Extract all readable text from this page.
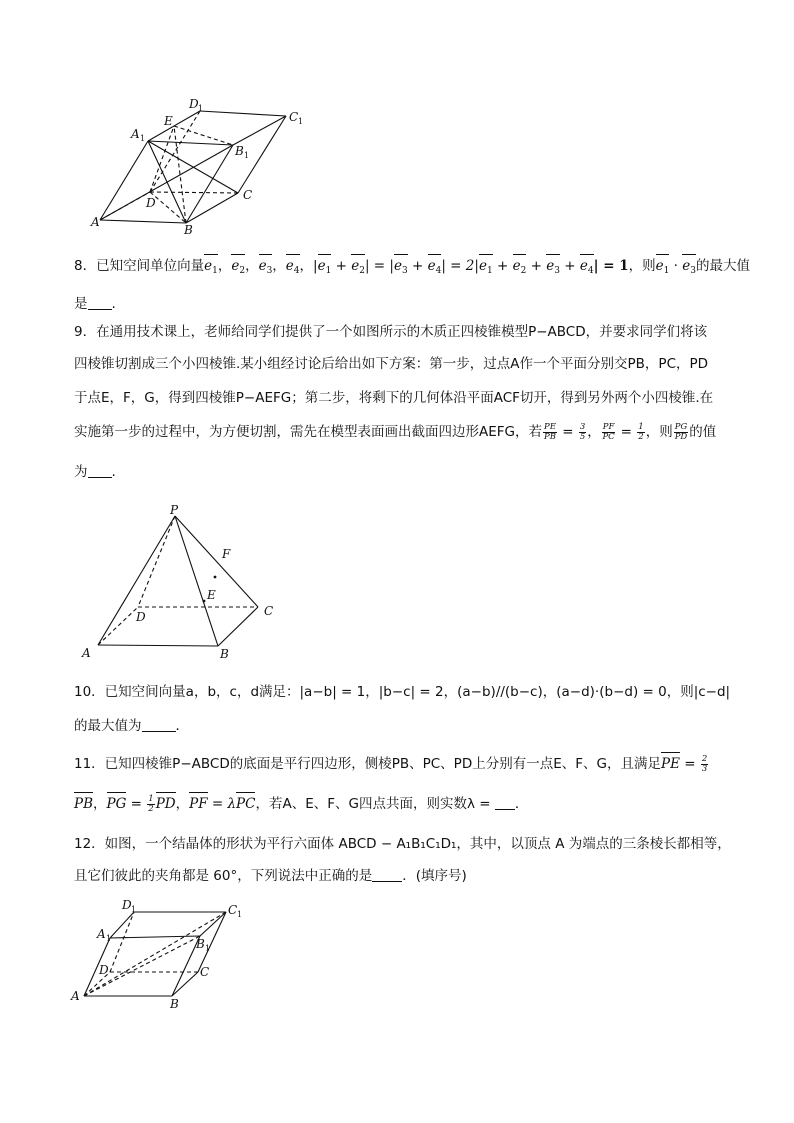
D 1
C 1
A 1
E
B 1
D
C
A
B
8．已知空间单位向量$e_1$，$e_2$，$e_3$，$e_4$，$|e_1 + e_2| = |e_3 + e_4| = 2|e_1 + e_2 + e_3 + e_4| = 1$，则$e_1 \cdot e_3$的最大值
是 .
9．在通用技术课上，老师给同学们提供了一个如图所示的木质正四棱锥模型P−ABCD，并要求同学们将该
四棱锥切割成三个小四棱锥.某小组经讨论后给出如下方案：第一步，过点A作一个平面分别交PB，PC，PD
于点E，F，G，得到四棱锥P−AEFG；第二步，将剩下的几何体沿平面ACF切开，得到另外两个小四棱锥.在
实施第一步的过程中，为方便切割，需先在模型表面画出截面四边形AEFG，若 $\frac{PE}{PB} = \frac{3}{5}$ ， $\frac{PF}{PC} = \frac{1}{2}$ ，则 $\frac{PG}{PD}$ 的值
为 .
P
F
E
D	C
A	B
10．已知空间向量a，b，c，d满足：|a−b| = 1，|b−c| = 2，(a−b)//(b−c)，(a−d)·(b−d) = 0，则|c−d|
的最大值为	．
11．已知四棱锥P−ABCD的底面是平行四边形，侧棱PB、PC、PD上分别有一点E、F、G，且满足PE = $\frac{2}{3}$
PB，PG = $\frac{1}{2}$ PD，PF = λPC，若A、E、F、G四点共面，则实数λ = ．
12．如图，一个结晶体的形状为平行六面体 ABCD − A₁B₁C₁D₁，其中，以顶点 A 为端点的三条棱长都相等，
且它们彼此的夹角都是 60°，下列说法中正确的是 ．(填序号)
D 1	C 1
A 1	B 1
D	C
A
B
